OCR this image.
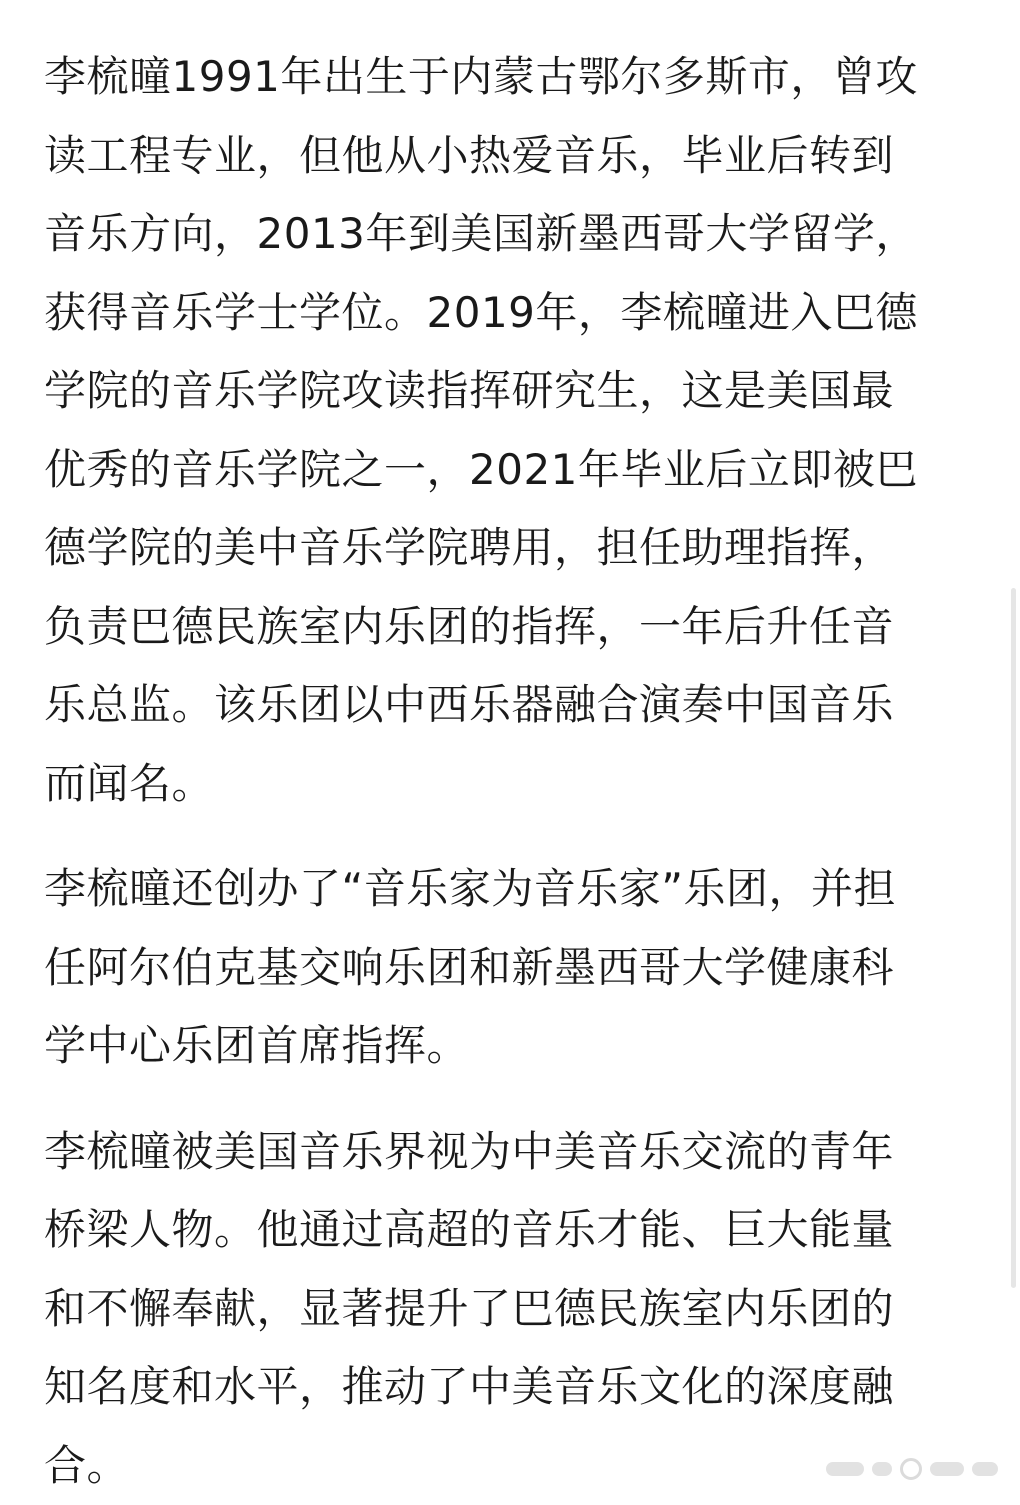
李梳曈1991年出生于内蒙古鄂尔多斯市，曾攻
读工程专业，但他从小热爱音乐，毕业后转到
音乐方向，2013年到美国新墨西哥大学留学，
获得音乐学士学位。2019年，李梳曈进入巴德
学院的音乐学院攻读指挥研究生，这是美国最
优秀的音乐学院之一，2021年毕业后立即被巴
德学院的美中音乐学院聘用，担任助理指挥，
负责巴德民族室内乐团的指挥，一年后升任音
乐总监。该乐团以中西乐器融合演奏中国音乐
而闻名。

李梳曈还创办了“音乐家为音乐家”乐团，并担
任阿尔伯克基交响乐团和新墨西哥大学健康科
学中心乐团首席指挥。

李梳曈被美国音乐界视为中美音乐交流的青年
桥梁人物。他通过高超的音乐才能、巨大能量
和不懈奉献，显著提升了巴德民族室内乐团的
知名度和水平，推动了中美音乐文化的深度融
合。
